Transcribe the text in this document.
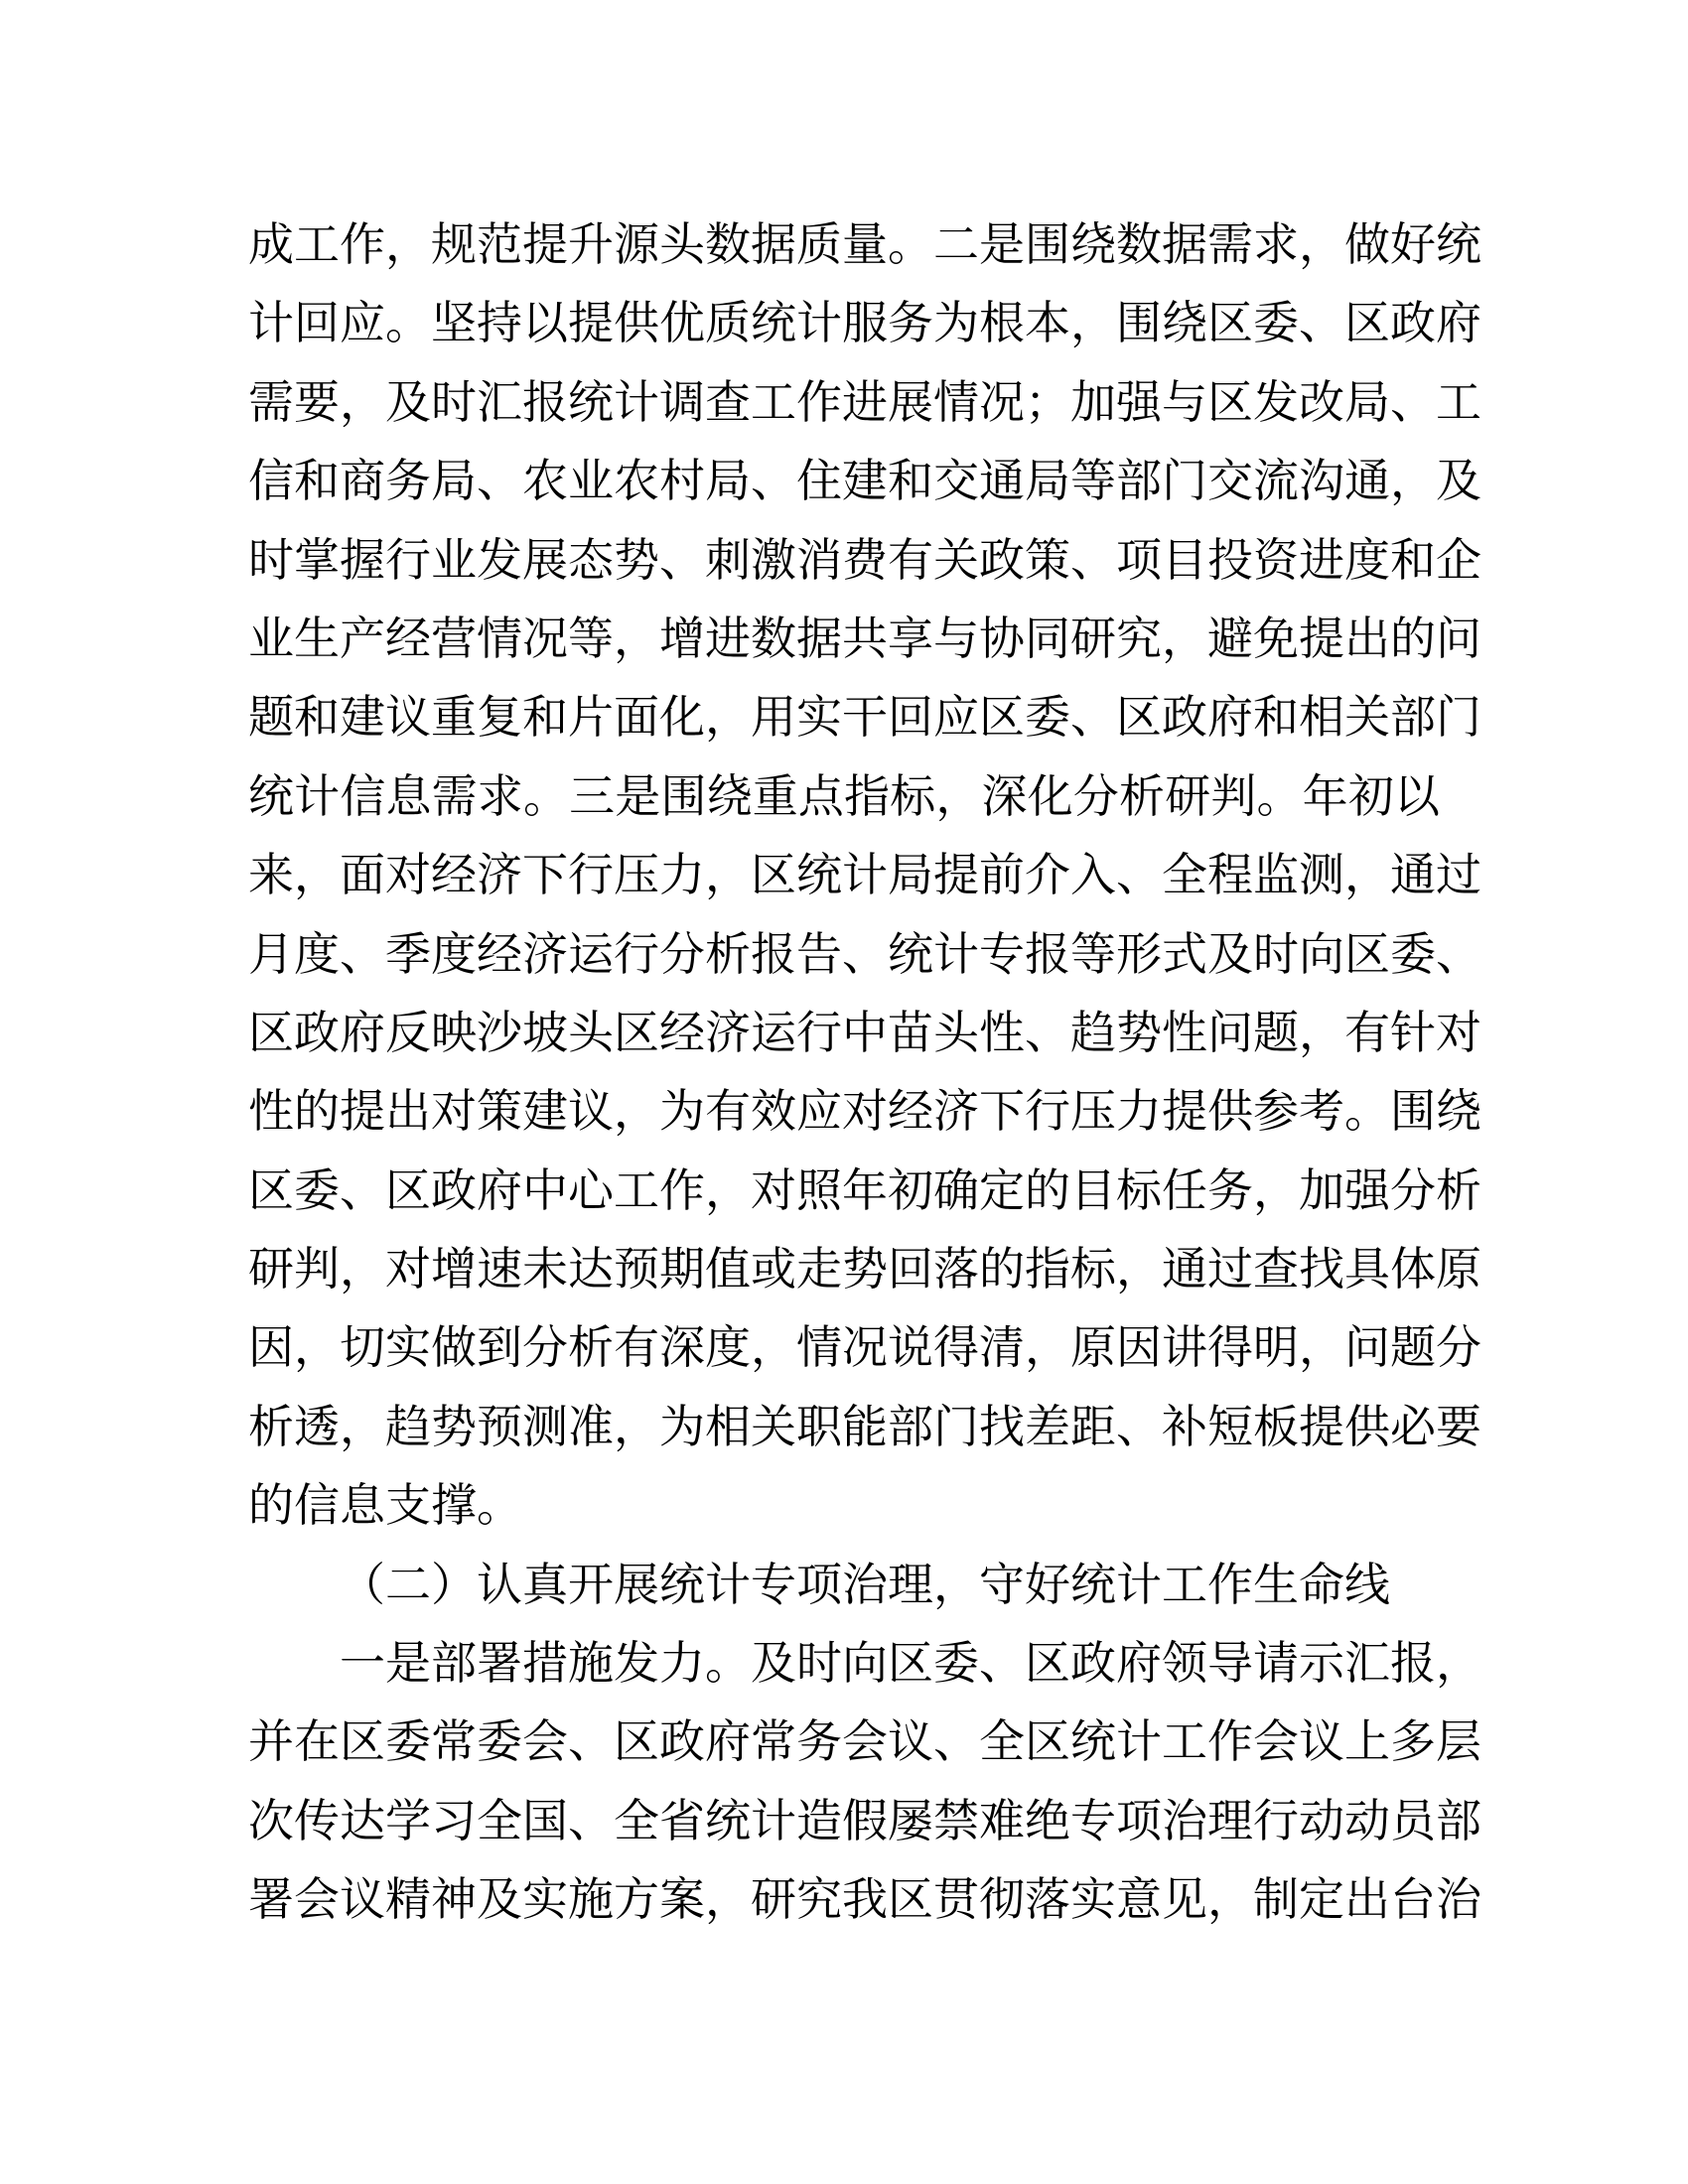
成工作，规范提升源头数据质量。二是围绕数据需求，做好统
计回应。坚持以提供优质统计服务为根本，围绕区委、区政府
需要，及时汇报统计调查工作进展情况；加强与区发改局、工
信和商务局、农业农村局、住建和交通局等部门交流沟通，及
时掌握行业发展态势、刺激消费有关政策、项目投资进度和企
业生产经营情况等，增进数据共享与协同研究，避免提出的问
题和建议重复和片面化，用实干回应区委、区政府和相关部门
统计信息需求。三是围绕重点指标，深化分析研判。年初以
来，面对经济下行压力，区统计局提前介入、全程监测，通过
月度、季度经济运行分析报告、统计专报等形式及时向区委、
区政府反映沙坡头区经济运行中苗头性、趋势性问题，有针对
性的提出对策建议，为有效应对经济下行压力提供参考。围绕
区委、区政府中心工作，对照年初确定的目标任务，加强分析
研判，对增速未达预期值或走势回落的指标，通过查找具体原
因，切实做到分析有深度，情况说得清，原因讲得明，问题分
析透，趋势预测准，为相关职能部门找差距、补短板提供必要
的信息支撑。
（二）认真开展统计专项治理，守好统计工作生命线
一是部署措施发力。及时向区委、区政府领导请示汇报，
并在区委常委会、区政府常务会议、全区统计工作会议上多层
次传达学习全国、全省统计造假屡禁难绝专项治理行动动员部
署会议精神及实施方案，研究我区贯彻落实意见，制定出台治
